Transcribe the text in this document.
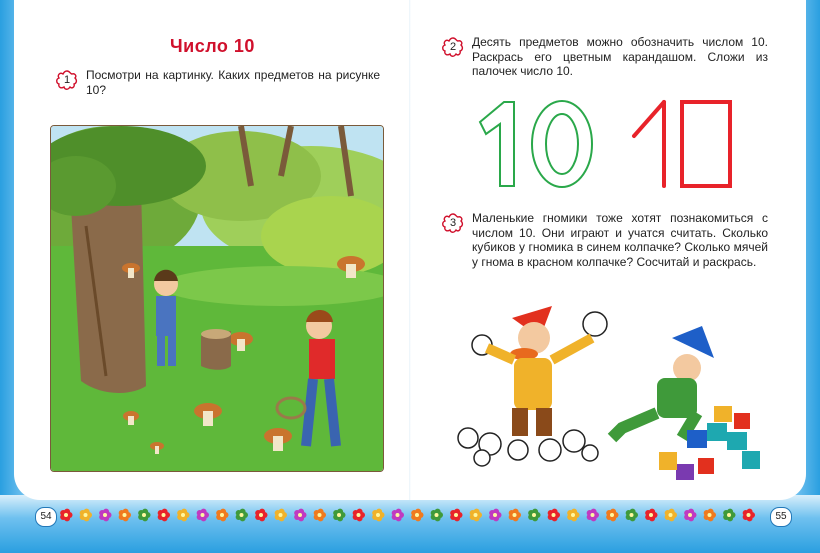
Число 10
1	Посмотри на картинку. Каких предметов на рисунке 10?
2	Десять предметов можно обозначить числом 10. Раскрась его цветным карандашом. Сложи из палочек число 10.
3	Маленькие гномики тоже хотят познакомиться с числом 10. Они играют и учатся считать. Сколько кубиков у гномика в синем колпачке? Сколько мячей у гнома в красном колпачке? Сосчитай и раскрась.
54	55
